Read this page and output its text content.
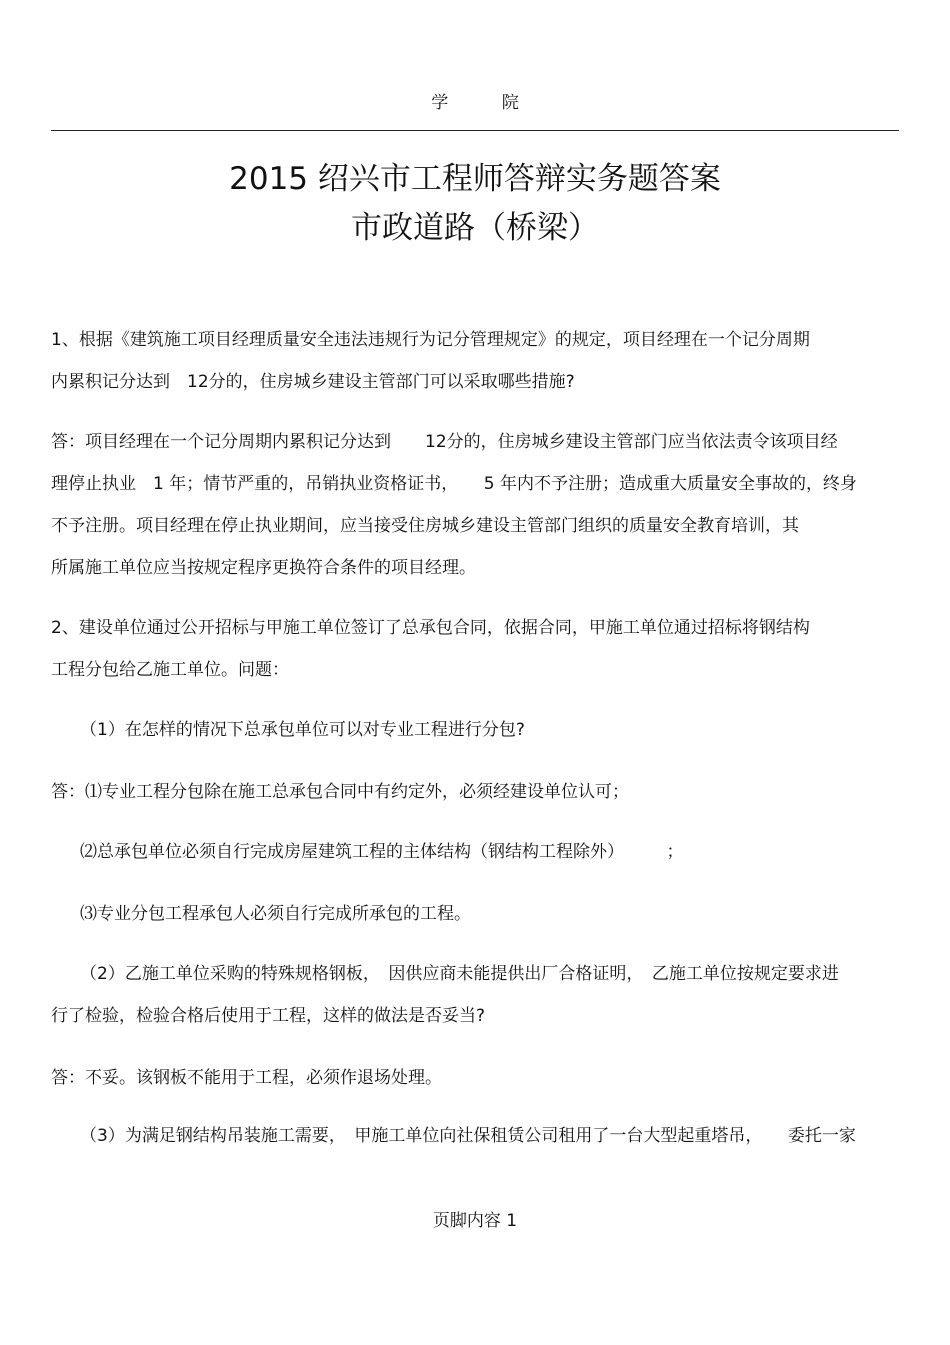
学 院
2015 绍兴市工程师答辩实务题答案
市政道路（桥梁）
1、根据《建筑施工项目经理质量安全违法违规行为记分管理规定》的规定，项目经理在一个记分周期
内累积记分达到　12分的，住房城乡建设主管部门可以采取哪些措施?
答：项目经理在一个记分周期内累积记分达到　　12分的，住房城乡建设主管部门应当依法责令该项目经
理停止执业　1 年；情节严重的，吊销执业资格证书，　　5 年内不予注册；造成重大质量安全事故的，终身
不予注册。项目经理在停止执业期间，应当接受住房城乡建设主管部门组织的质量安全教育培训，其
所属施工单位应当按规定程序更换符合条件的项目经理。
2、建设单位通过公开招标与甲施工单位签订了总承包合同，依据合同，甲施工单位通过招标将钢结构
工程分包给乙施工单位。问题：
（1）在怎样的情况下总承包单位可以对专业工程进行分包?
答：⑴专业工程分包除在施工总承包合同中有约定外，必须经建设单位认可；
⑵总承包单位必须自行完成房屋建筑工程的主体结构（钢结构工程除外）　　　；
⑶专业分包工程承包人必须自行完成所承包的工程。
（2）乙施工单位采购的特殊规格钢板，　因供应商未能提供出厂合格证明，　乙施工单位按规定要求进
行了检验，检验合格后使用于工程，这样的做法是否妥当?
答：不妥。该钢板不能用于工程，必须作退场处理。
（3）为满足钢结构吊装施工需要，　甲施工单位向社保租赁公司租用了一台大型起重塔吊，　　委托一家
页脚内容 1
